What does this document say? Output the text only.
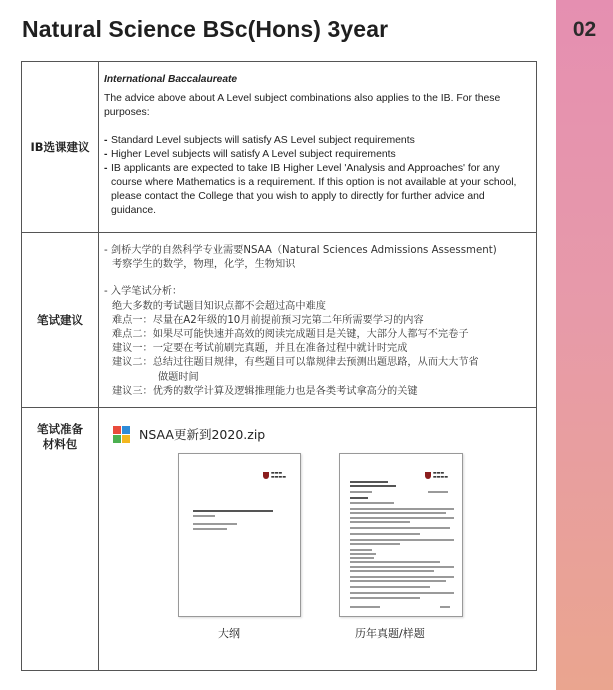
02
Natural Science BSc(Hons) 3year
IB选课建议
International Baccalaureate

The advice above about A Level subject combinations also applies to the IB. For these purposes:

- Standard Level subjects will satisfy AS Level subject requirements
- Higher Level subjects will satisfy A Level subject requirements
- IB applicants are expected to take IB Higher Level 'Analysis and Approaches' for any course where Mathematics is a requirement. If this option is not available at your school, please contact the College that you wish to apply to directly for further advice and guidance.
笔试建议
- 剑桥大学的自然科学专业需要NSAA（Natural Sciences Admissions Assessment)
考察学生的数学，物理，化学，生物知识
- 入学笔试分析：
绝大多数的考试题目知识点都不会超过高中难度
难点一：尽量在A2年级的10月前提前预习完第二年所需要学习的内容
难点二：如果尽可能快速并高效的阅读完成题目是关键，大部分人都写不完卷子
建议一：一定要在考试前刷完真题，并且在准备过程中就计时完成
建议二：总结过往题目规律，有些题目可以靠规律去预测出题思路，从而大大节省
做题时间
建议三：优秀的数学计算及逻辑推理能力也是各类考试拿高分的关键
笔试准备
材料包
NSAA更新到2020.zip
▬▬▬
▬▬▬▬
▬▬▬
▬▬▬▬
大纲	历年真题/样题
